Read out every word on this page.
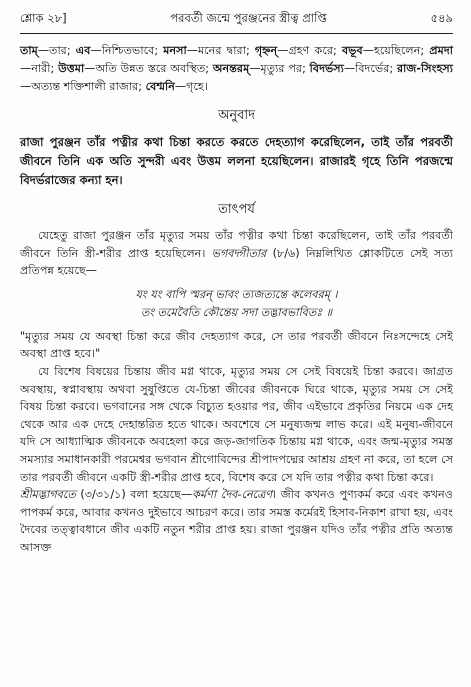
শ্লোক ২৮]	পরবর্তী জন্মে পুরঞ্জনের স্ত্রীত্ব প্রাপ্তি	৫৪৯
তাম্—তার; এব—নিশ্চিতভাবে; মনসা—মনের দ্বারা; গৃহ্নন্—গ্রহণ করে; বভূব—হয়েছিলেন; প্রমদা—নারী; উত্তমা—অতি উন্নত স্তরে অবস্থিত; অনন্তরম্—মৃত্যুর পর; বিদর্ভস্য—বিদর্ভের; রাজ-সিংহস্য—অত্যন্ত শক্তিশালী রাজার; বেশ্মনি—গৃহে।
অনুবাদ
রাজা পুরঞ্জন তাঁর পত্নীর কথা চিন্তা করতে করতে দেহত্যাগ করেছিলেন, তাই তাঁর পরবর্তী জীবনে তিনি এক অতি সুন্দরী এবং উত্তম ললনা হয়েছিলেন। রাজারই গৃহে তিনি পরজন্মে বিদর্ভরাজের কন্যা হন।
তাৎপর্য
যেহেতু রাজা পুরঞ্জন তাঁর মৃত্যুর সময় তাঁর পত্নীর কথা চিন্তা করেছিলেন, তাই তাঁর পরবর্তী জীবনে তিনি স্ত্রী-শরীর প্রাপ্ত হয়েছিলেন। ভগবদ্গীতার (৮/৬) নিম্নলিখিত শ্লোকটিতে সেই সত্য প্রতিপন্ন হয়েছে—
যং যং বাপি স্মরন্ ভাবং ত্যজত্যন্তে কলেবরম্ ।
তং তমেবৈতি কৌন্তেয় সদা তদ্ভাবভাবিতঃ ॥
"মৃত্যুর সময় যে অবস্থা চিন্তা করে জীব দেহত্যাগ করে, সে তার পরবর্তী জীবনে নিঃসন্দেহে সেই অবস্থা প্রাপ্ত হবে।"
যে বিশেষ বিষয়ের চিন্তায় জীব মগ্ন থাকে, মৃত্যুর সময় সে সেই বিষয়েই চিন্তা করবে। জাগ্রত অবস্থায়, স্বপ্নাবস্থায় অথবা সুষুপ্তিতে যে-চিন্তা জীবের জীবনকে ঘিরে থাকে, মৃত্যুর সময় সে সেই বিষয় চিন্তা করবে। ভগবানের সঙ্গ থেকে বিচ্যুত হওয়ার পর, জীব এইভাবে প্রকৃতির নিয়মে এক দেহ থেকে আর এক দেহে দেহান্তরিত হতে থাকে। অবশেষে সে মনুষ্যজন্ম লাভ করে। এই মনুষ্য-জীবনে যদি সে আধ্যাত্মিক জীবনকে অবহেলা করে জড়-জাগতিক চিন্তায় মগ্ন থাকে, এবং জন্ম-মৃত্যুর সমস্ত সমস্যার সমাধানকারী পরমেশ্বর ভগবান শ্রীগোবিন্দের শ্রীপাদপদ্মের আশ্রয় গ্রহণ না করে, তা হলে সে তার পরবর্তী জীবনে একটি স্ত্রী-শরীর প্রাপ্ত হবে, বিশেষ করে সে যদি তার পত্নীর কথা চিন্তা করে।
শ্রীমদ্ভাগবতে (৩/৩১/১) বলা হয়েছে—কর্মণা দৈব-নেত্রেণ। জীব কখনও পুণ্যকর্ম করে এবং কখনও পাপকর্ম করে, আবার কখনও দুইভাবে আচরণ করে। তার সমস্ত কর্মেরই হিসাব-নিকাশ রাখা হয়, এবং দৈবের তত্ত্বাবধানে জীব একটি নতুন শরীর প্রাপ্ত হয়। রাজা পুরঞ্জন যদিও তাঁর পত্নীর প্রতি অত্যন্ত আসক্ত
